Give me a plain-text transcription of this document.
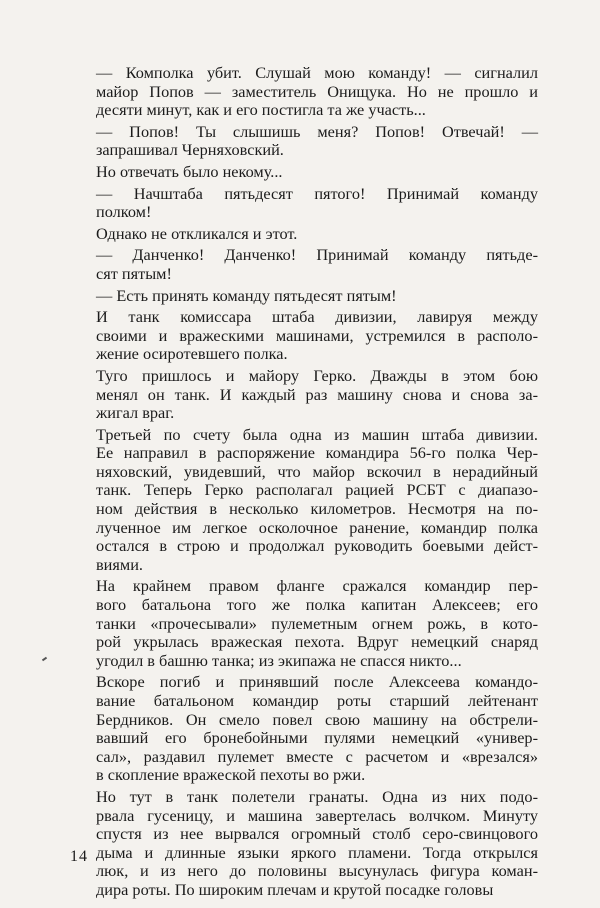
— Комполка убит. Слушай мою команду! — сигналил
майор Попов — заместитель Онищука. Но не прошло и
десяти минут, как и его постигла та же участь...
— Попов! Ты слышишь меня? Попов! Отвечай! —
запрашивал Черняховский.
Но отвечать было некому...
— Начштаба пятьдесят пятого! Принимай команду
полком!
Однако не откликался и этот.
— Данченко! Данченко! Принимай команду пятьде-
сят пятым!
— Есть принять команду пятьдесят пятым!
И танк комиссара штаба дивизии, лавируя между
своими и вражескими машинами, устремился в располо-
жение осиротевшего полка.
Туго пришлось и майору Герко. Дважды в этом бою
менял он танк. И каждый раз машину снова и снова за-
жигал враг.
Третьей по счету была одна из машин штаба дивизии.
Ее направил в распоряжение командира 56-го полка Чер-
няховский, увидевший, что майор вскочил в нерадийный
танк. Теперь Герко располагал рацией РСБТ с диапазо-
ном действия в несколько километров. Несмотря на по-
лученное им легкое осколочное ранение, командир полка
остался в строю и продолжал руководить боевыми дейст-
виями.
На крайнем правом фланге сражался командир пер-
вого батальона того же полка капитан Алексеев; его
танки «прочесывали» пулеметным огнем рожь, в кото-
рой укрылась вражеская пехота. Вдруг немецкий снаряд
угодил в башню танка; из экипажа не спасся никто...
Вскоре погиб и принявший после Алексеева командо-
вание батальоном командир роты старший лейтенант
Бердников. Он смело повел свою машину на обстрели-
вавший его бронебойными пулями немецкий «универ-
сал», раздавил пулемет вместе с расчетом и «врезался»
в скопление вражеской пехоты во ржи.
Но тут в танк полетели гранаты. Одна из них подо-
рвала гусеницу, и машина завертелась волчком. Минуту
спустя из нее вырвался огромный столб серо-свинцового
дыма и длинные языки яркого пламени. Тогда открылся
люк, и из него до половины высунулась фигура коман-
дира роты. По широким плечам и крутой посадке головы
14
